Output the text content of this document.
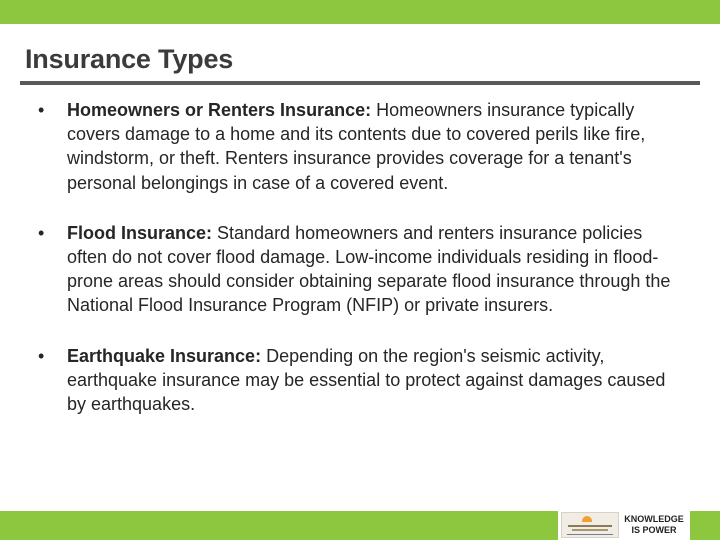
Insurance Types
• Homeowners or Renters Insurance: Homeowners insurance typically covers damage to a home and its contents due to covered perils like fire, windstorm, or theft. Renters insurance provides coverage for a tenant's personal belongings in case of a covered event.
• Flood Insurance: Standard homeowners and renters insurance policies often do not cover flood damage. Low-income individuals residing in flood-prone areas should consider obtaining separate flood insurance through the National Flood Insurance Program (NFIP) or private insurers.
• Earthquake Insurance: Depending on the region's seismic activity, earthquake insurance may be essential to protect against damages caused by earthquakes.
KNOWLEDGE
IS POWER
